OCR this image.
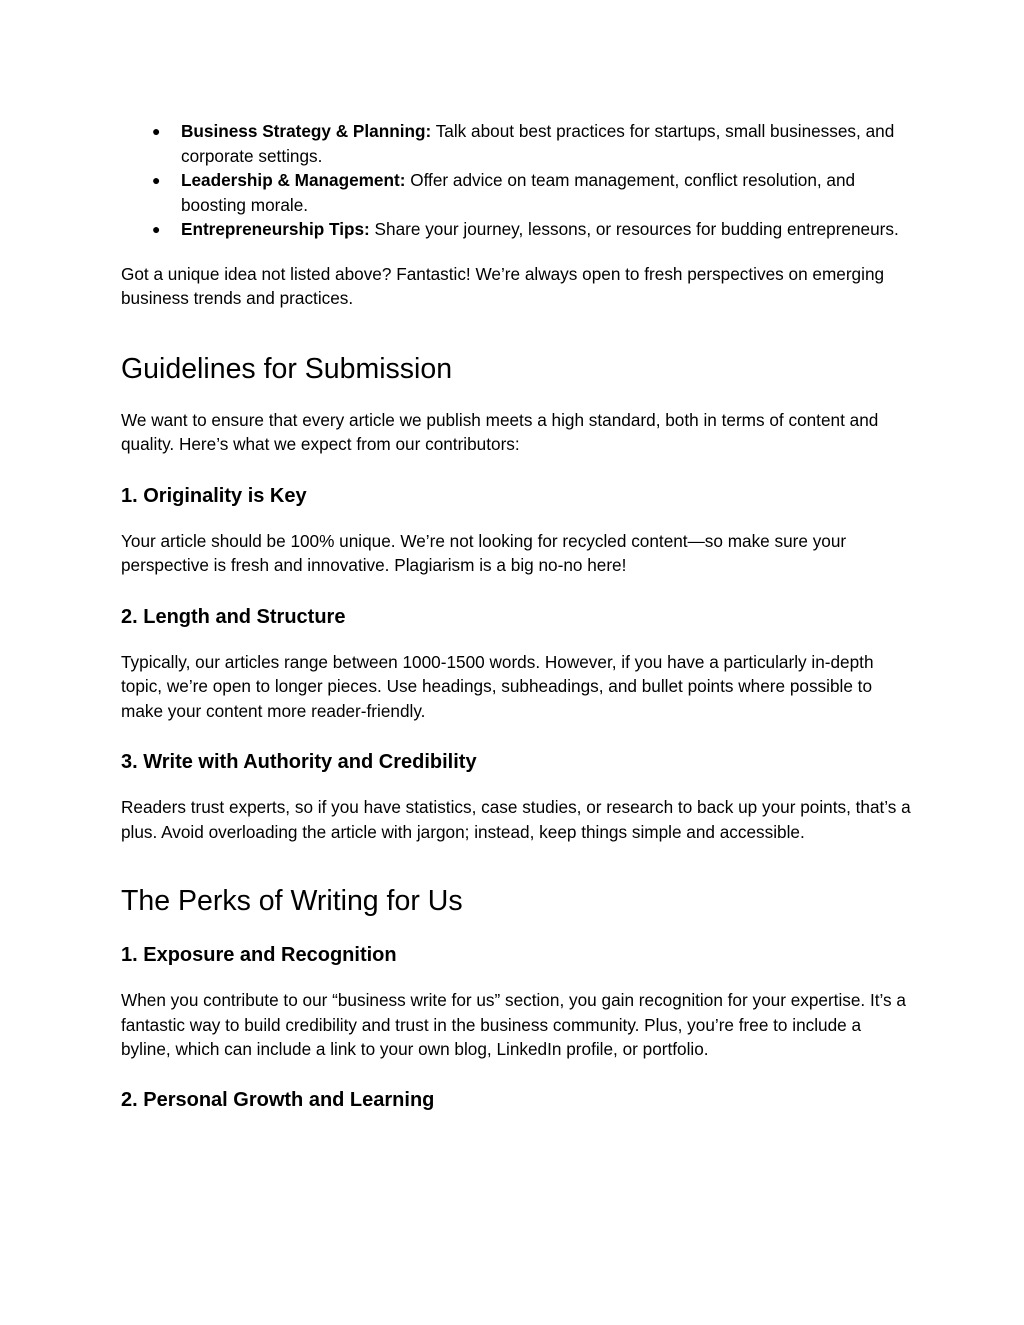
● Business Strategy & Planning: Talk about best practices for startups, small businesses, and corporate settings.
● Leadership & Management: Offer advice on team management, conflict resolution, and boosting morale.
● Entrepreneurship Tips: Share your journey, lessons, or resources for budding entrepreneurs.

Got a unique idea not listed above? Fantastic! We’re always open to fresh perspectives on emerging business trends and practices.

Guidelines for Submission

We want to ensure that every article we publish meets a high standard, both in terms of content and quality. Here’s what we expect from our contributors:

1. Originality is Key

Your article should be 100% unique. We’re not looking for recycled content—so make sure your perspective is fresh and innovative. Plagiarism is a big no-no here!

2. Length and Structure

Typically, our articles range between 1000-1500 words. However, if you have a particularly in-depth topic, we’re open to longer pieces. Use headings, subheadings, and bullet points where possible to make your content more reader-friendly.

3. Write with Authority and Credibility

Readers trust experts, so if you have statistics, case studies, or research to back up your points, that’s a plus. Avoid overloading the article with jargon; instead, keep things simple and accessible.

The Perks of Writing for Us
1. Exposure and Recognition

When you contribute to our “business write for us” section, you gain recognition for your expertise. It’s a fantastic way to build credibility and trust in the business community. Plus, you’re free to include a byline, which can include a link to your own blog, LinkedIn profile, or portfolio.

2. Personal Growth and Learning
